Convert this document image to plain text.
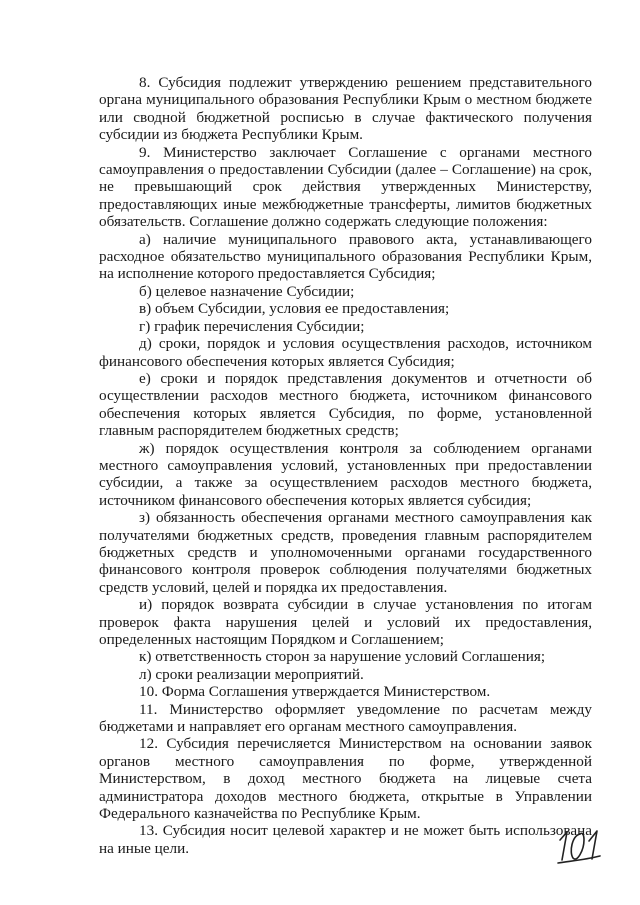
8. Субсидия подлежит утверждению решением представительного органа муниципального образования Республики Крым о местном бюджете или сводной бюджетной росписью в случае фактического получения субсидии из бюджета Республики Крым.

9. Министерство заключает Соглашение с органами местного самоуправления о предоставлении Субсидии (далее – Соглашение) на срок, не превышающий срок действия утвержденных Министерству, предоставляющих иные межбюджетные трансферты, лимитов бюджетных обязательств. Соглашение должно содержать следующие положения:

а) наличие муниципального правового акта, устанавливающего расходное обязательство муниципального образования Республики Крым, на исполнение которого предоставляется Субсидия;

б) целевое назначение Субсидии;

в) объем Субсидии, условия ее предоставления;

г) график перечисления Субсидии;

д) сроки, порядок и условия осуществления расходов, источником финансового обеспечения которых является Субсидия;

е) сроки и порядок представления документов и отчетности об осуществлении расходов местного бюджета, источником финансового обеспечения которых является Субсидия, по форме, установленной главным распорядителем бюджетных средств;

ж) порядок осуществления контроля за соблюдением органами местного самоуправления условий, установленных при предоставлении субсидии, а также за осуществлением расходов местного бюджета, источником финансового обеспечения которых является субсидия;

з) обязанность обеспечения органами местного самоуправления как получателями бюджетных средств, проведения главным распорядителем бюджетных средств и уполномоченными органами государственного финансового контроля проверок соблюдения получателями бюджетных средств условий, целей и порядка их предоставления.

и) порядок возврата субсидии в случае установления по итогам проверок факта нарушения целей и условий их предоставления, определенных настоящим Порядком и Соглашением;

к) ответственность сторон за нарушение условий Соглашения;

л) сроки реализации мероприятий.

10. Форма Соглашения утверждается Министерством.

11. Министерство оформляет уведомление по расчетам между бюджетами и направляет его органам местного самоуправления.

12. Субсидия перечисляется Министерством на основании заявок органов местного самоуправления по форме, утвержденной Министерством, в доход местного бюджета на лицевые счета администратора доходов местного бюджета, открытые в Управлении Федерального казначейства по Республике Крым.

13. Субсидия носит целевой характер и не может быть использована на иные цели.
